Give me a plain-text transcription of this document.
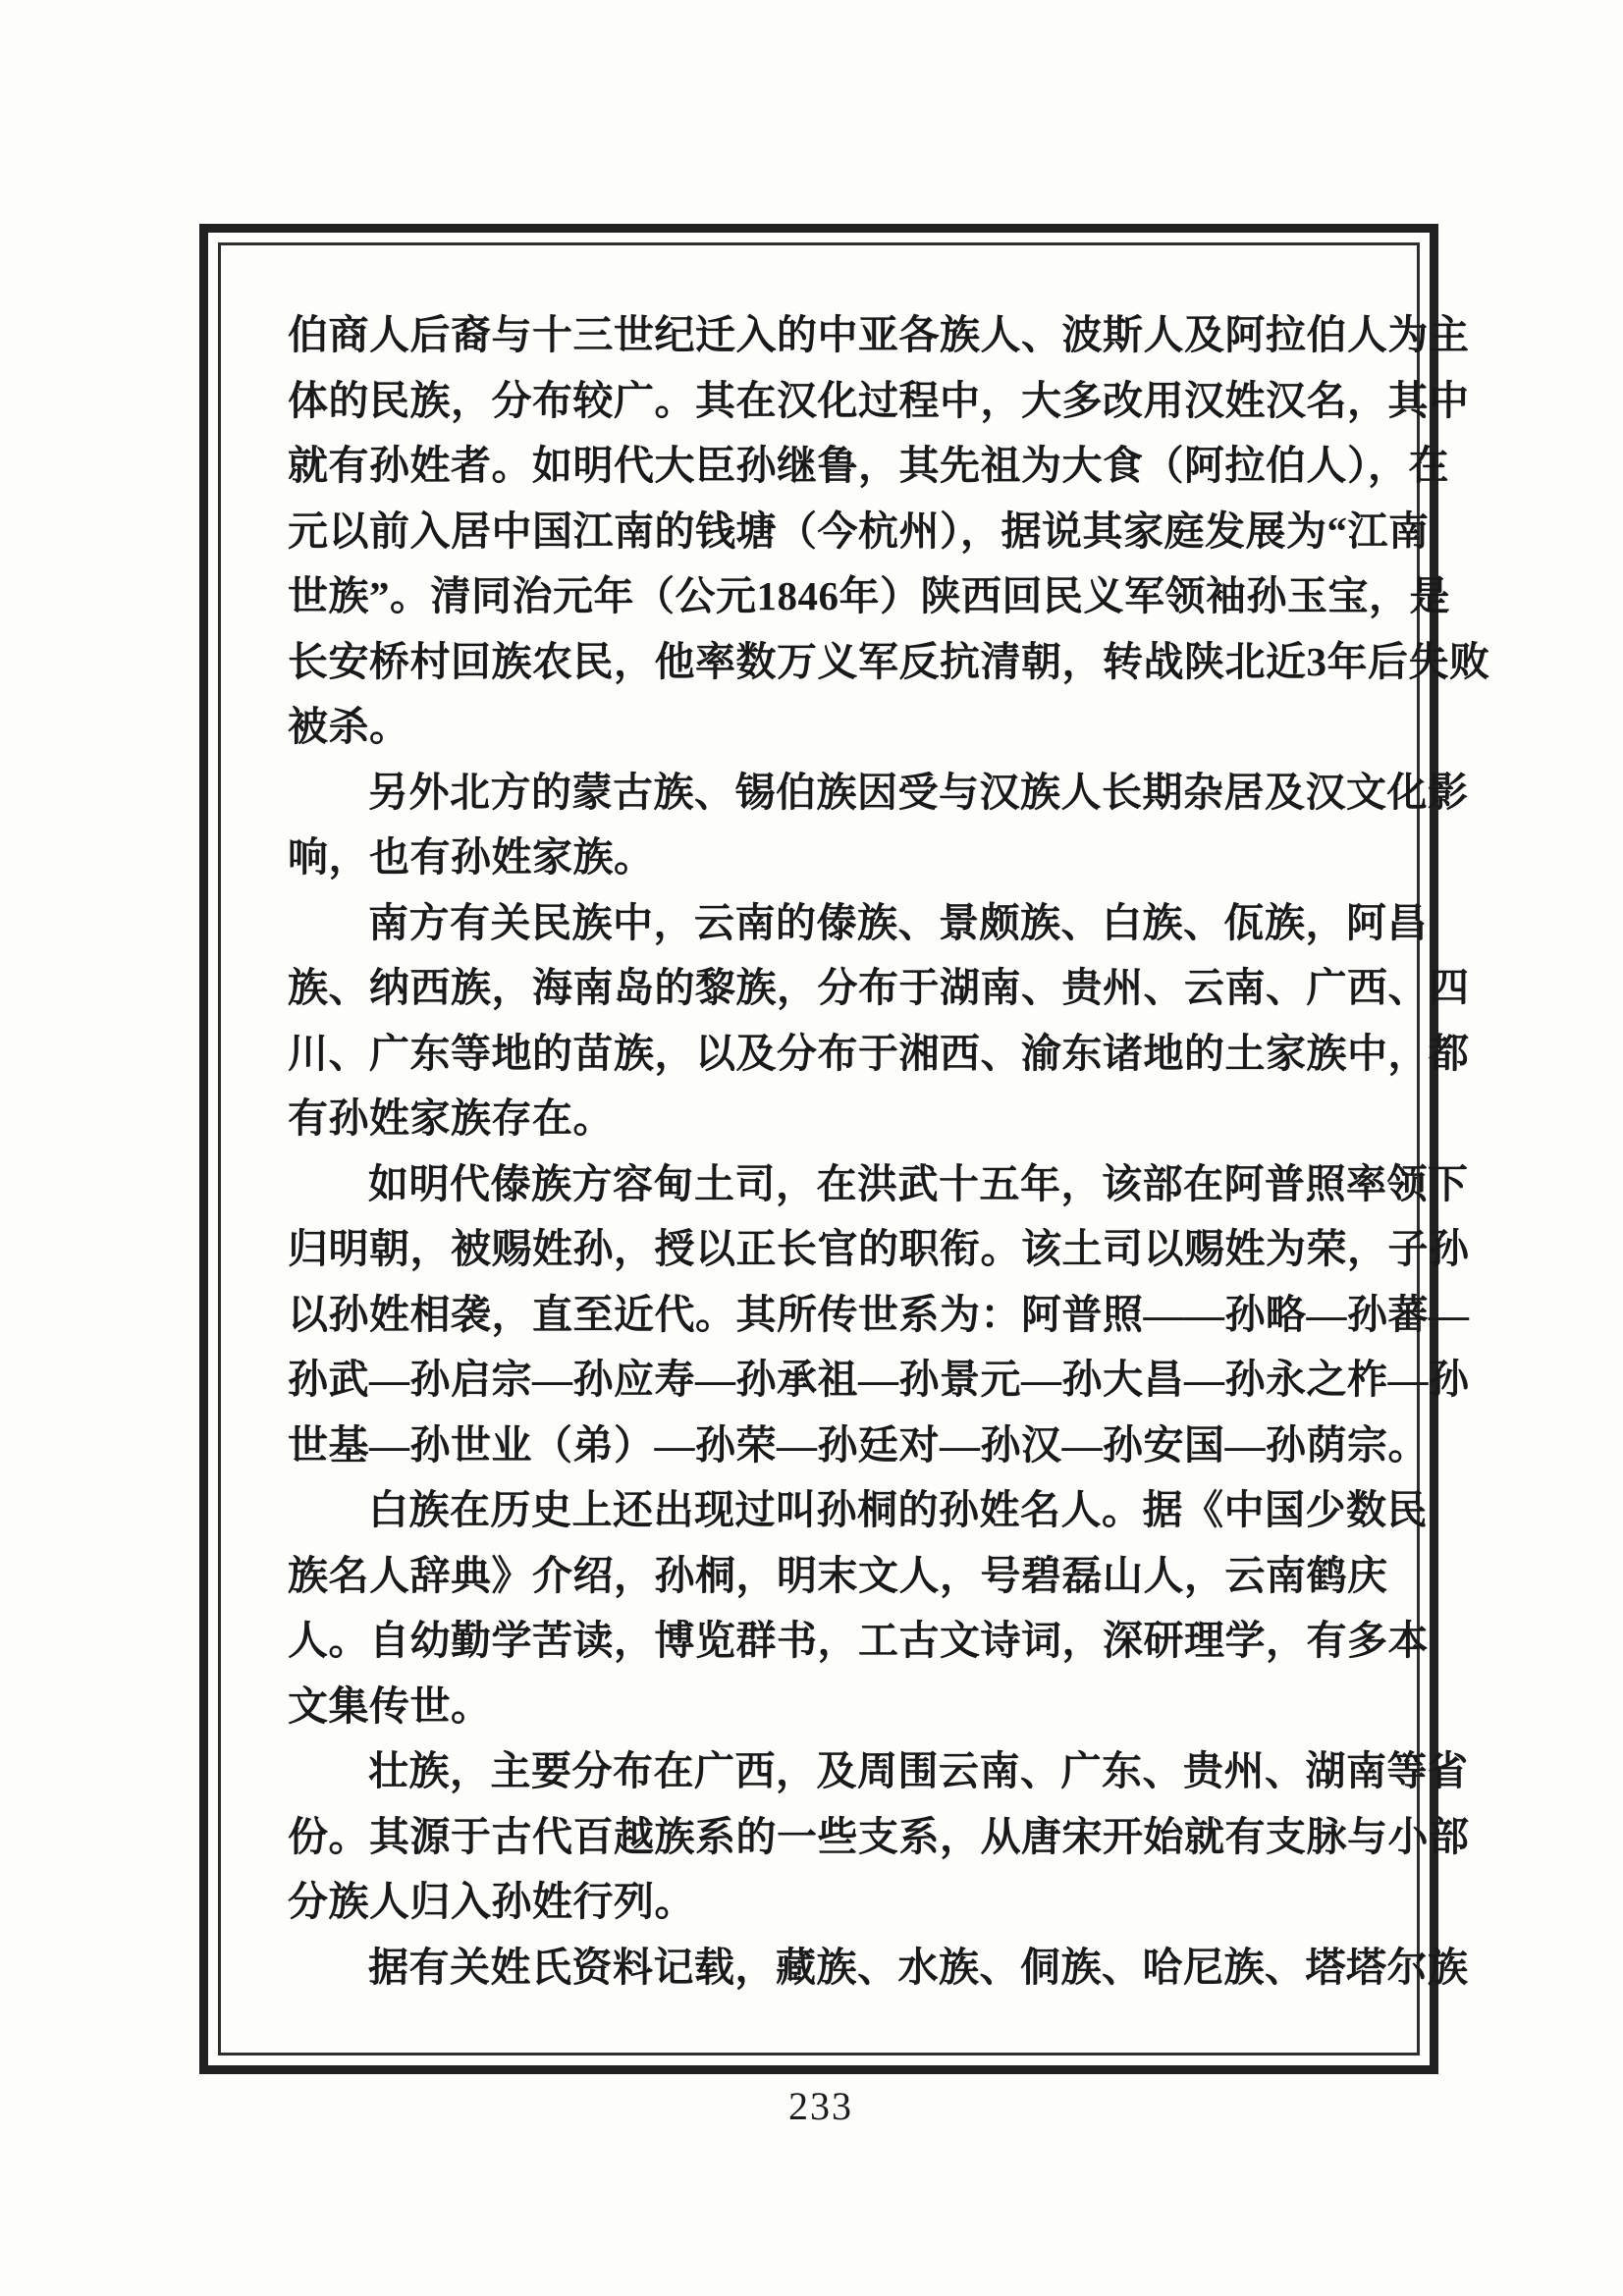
伯商人后裔与十三世纪迁入的中亚各族人、波斯人及阿拉伯人为主
体的民族，分布较广。其在汉化过程中，大多改用汉姓汉名，其中
就有孙姓者。如明代大臣孙继鲁，其先祖为大食（阿拉伯人），在
元以前入居中国江南的钱塘（今杭州），据说其家庭发展为“江南
世族”。清同治元年（公元1846年）陕西回民义军领袖孙玉宝，是
长安桥村回族农民，他率数万义军反抗清朝，转战陕北近3年后失败
被杀。
另外北方的蒙古族、锡伯族因受与汉族人长期杂居及汉文化影
响，也有孙姓家族。
南方有关民族中，云南的傣族、景颇族、白族、佤族，阿昌
族、纳西族，海南岛的黎族，分布于湖南、贵州、云南、广西、四
川、广东等地的苗族，以及分布于湘西、渝东诸地的土家族中，都
有孙姓家族存在。
如明代傣族方容甸土司，在洪武十五年，该部在阿普照率领下
归明朝，被赐姓孙，授以正长官的职衔。该土司以赐姓为荣，子孙
以孙姓相袭，直至近代。其所传世系为：阿普照——孙略—孙蕃—
孙武—孙启宗—孙应寿—孙承祖—孙景元—孙大昌—孙永之柞—孙
世基—孙世业（弟）—孙荣—孙廷对—孙汉—孙安国—孙荫宗。
白族在历史上还出现过叫孙桐的孙姓名人。据《中国少数民
族名人辞典》介绍，孙桐，明末文人，号碧磊山人，云南鹤庆
人。自幼勤学苦读，博览群书，工古文诗词，深研理学，有多本
文集传世。
壮族，主要分布在广西，及周围云南、广东、贵州、湖南等省
份。其源于古代百越族系的一些支系，从唐宋开始就有支脉与小部
分族人归入孙姓行列。
据有关姓氏资料记载，藏族、水族、侗族、哈尼族、塔塔尔族
233
